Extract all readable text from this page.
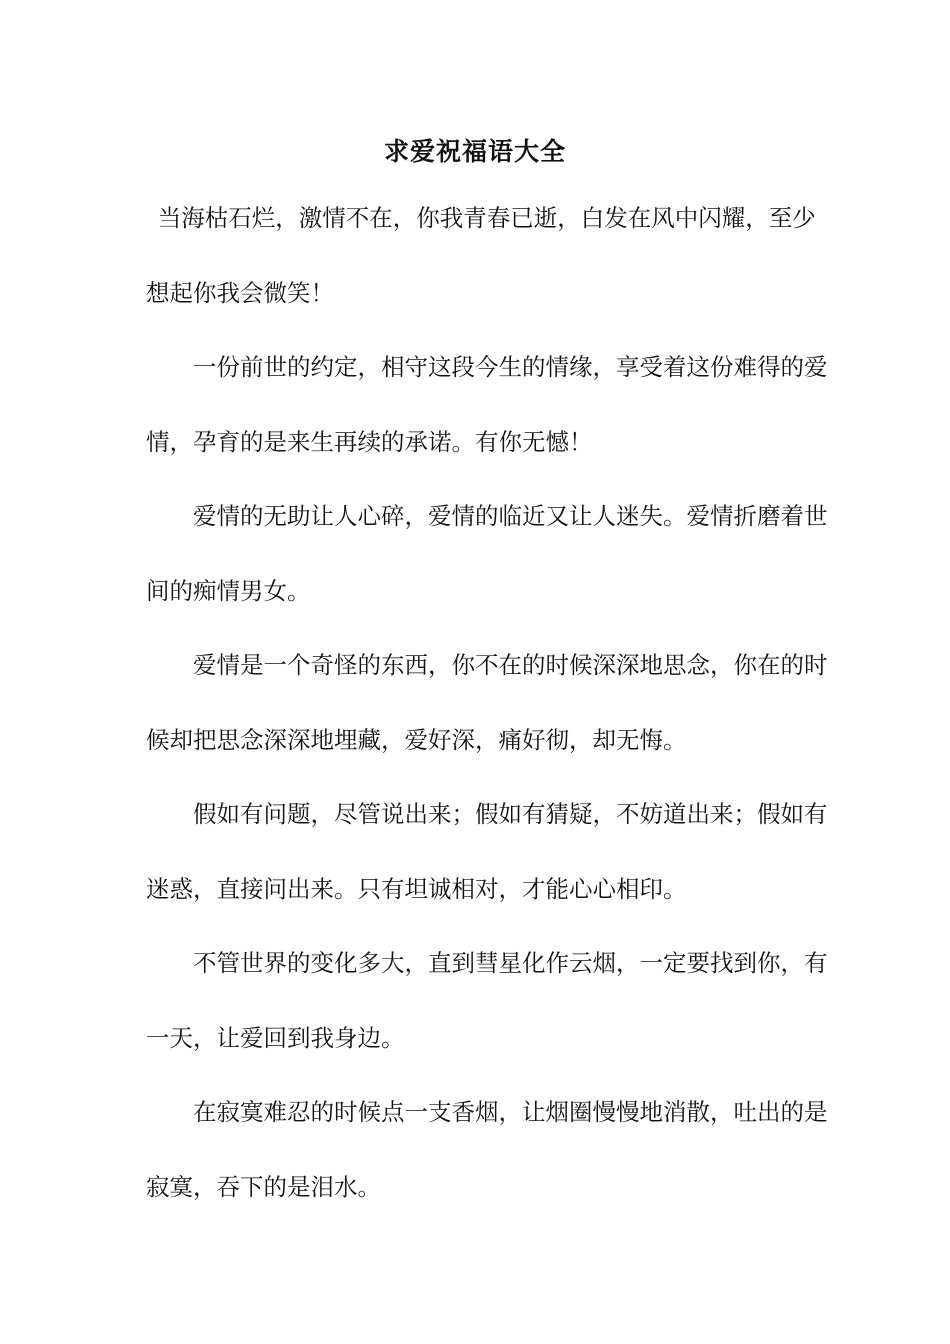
求爱祝福语大全

当海枯石烂，激情不在，你我青春已逝，白发在风中闪耀，至少想起你我会微笑！

一份前世的约定，相守这段今生的情缘，享受着这份难得的爱情，孕育的是来生再续的承诺。有你无憾！

爱情的无助让人心碎，爱情的临近又让人迷失。爱情折磨着世间的痴情男女。

爱情是一个奇怪的东西，你不在的时候深深地思念，你在的时候却把思念深深地埋藏，爱好深，痛好彻，却无悔。

假如有问题，尽管说出来；假如有猜疑，不妨道出来；假如有迷惑，直接问出来。只有坦诚相对，才能心心相印。

不管世界的变化多大，直到彗星化作云烟，一定要找到你，有一天，让爱回到我身边。

在寂寞难忍的时候点一支香烟，让烟圈慢慢地消散，吐出的是寂寞，吞下的是泪水。
